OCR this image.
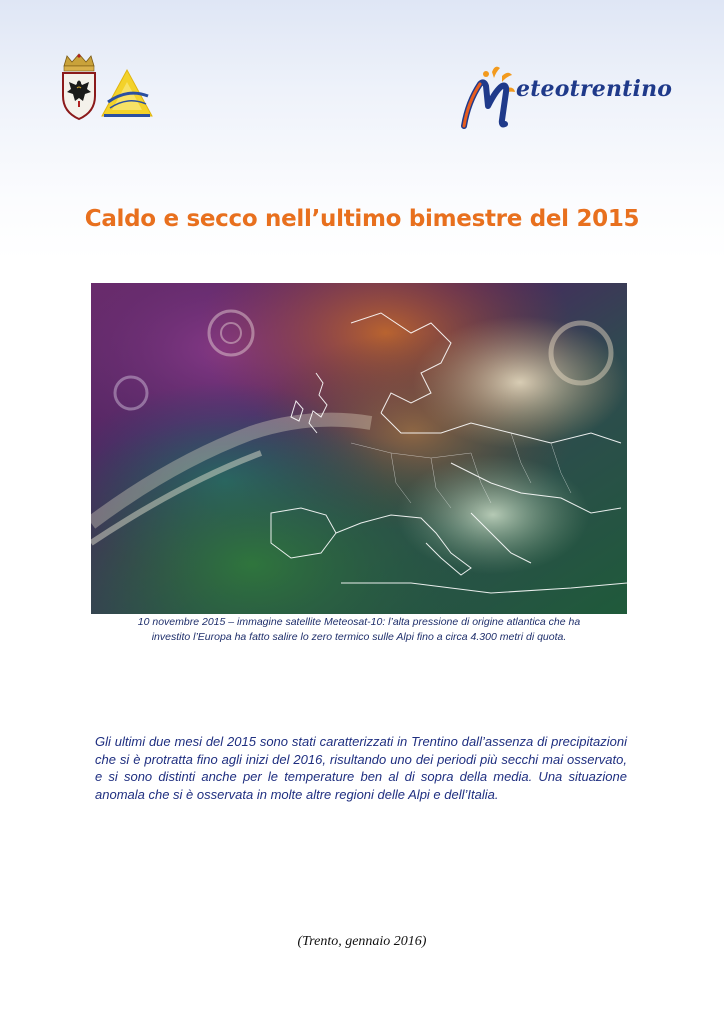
eteotrentino
Caldo e secco nell’ultimo bimestre del 2015
10 novembre 2015 – immagine satellite Meteosat-10: l’alta pressione di origine atlantica che ha
investito l’Europa ha fatto salire lo zero termico sulle Alpi fino a circa 4.300 metri di quota.
Gli ultimi due mesi del 2015 sono stati caratterizzati in Trentino dall’assenza di precipitazioni che si è protratta fino agli inizi del 2016, risultando uno dei periodi più secchi mai osservato, e si sono distinti anche per le temperature ben al di sopra della media. Una situazione anomala che si è osservata in molte altre regioni delle Alpi e dell’Italia.
(Trento, gennaio 2016)
